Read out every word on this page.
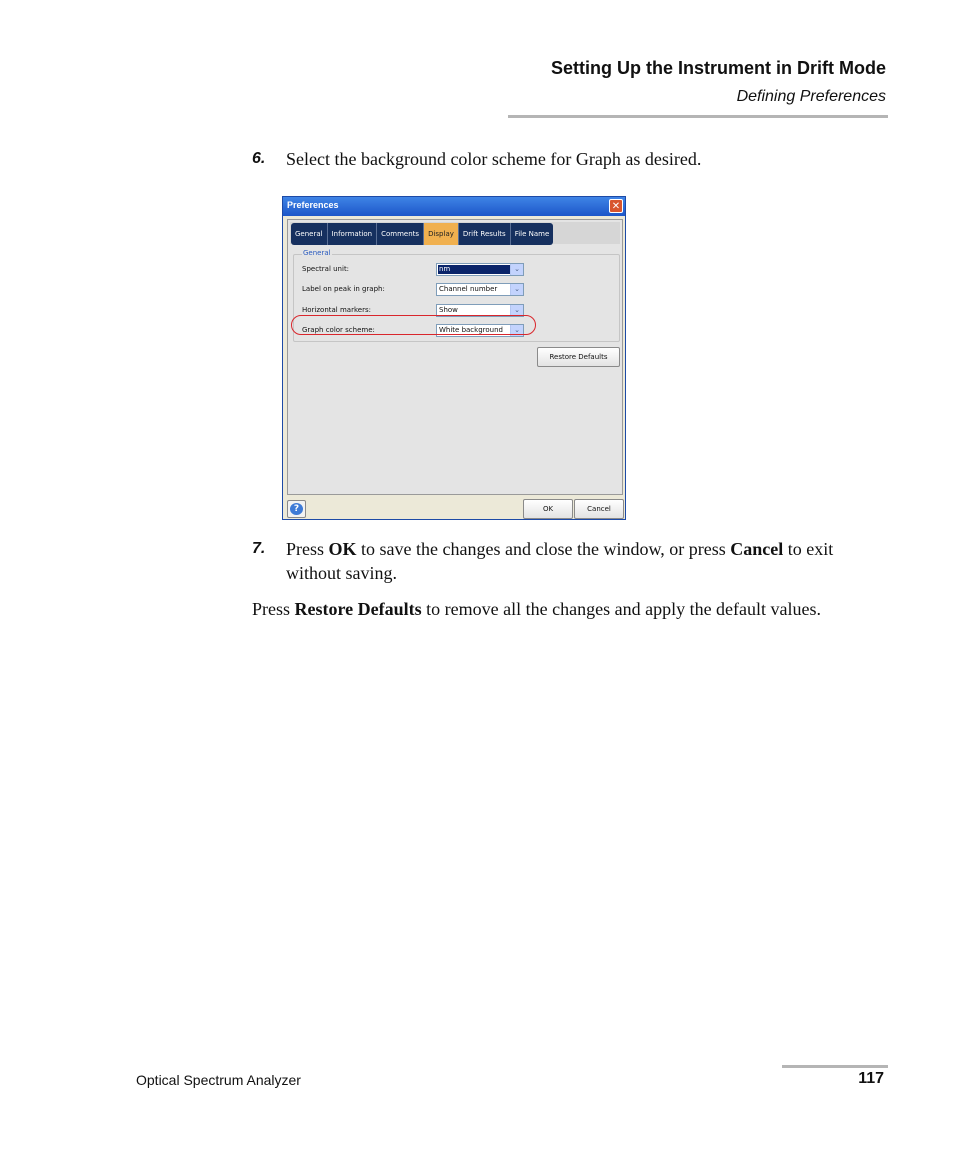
Setting Up the Instrument in Drift Mode
Defining Preferences
6. Select the background color scheme for Graph as desired.
Preferences	✕
General	Information	Comments	Display	Drift Results	File Name
General
Spectral unit:	nm	⌄
Label on peak in graph:	Channel number	⌄
Horizontal markers:	Show	⌄
Graph color scheme:	White background	⌄
Restore Defaults
?	OK	Cancel
7. Press OK to save the changes and close the window, or press Cancel to exit without saving.
Press Restore Defaults to remove all the changes and apply the default values.
Optical Spectrum Analyzer	117
